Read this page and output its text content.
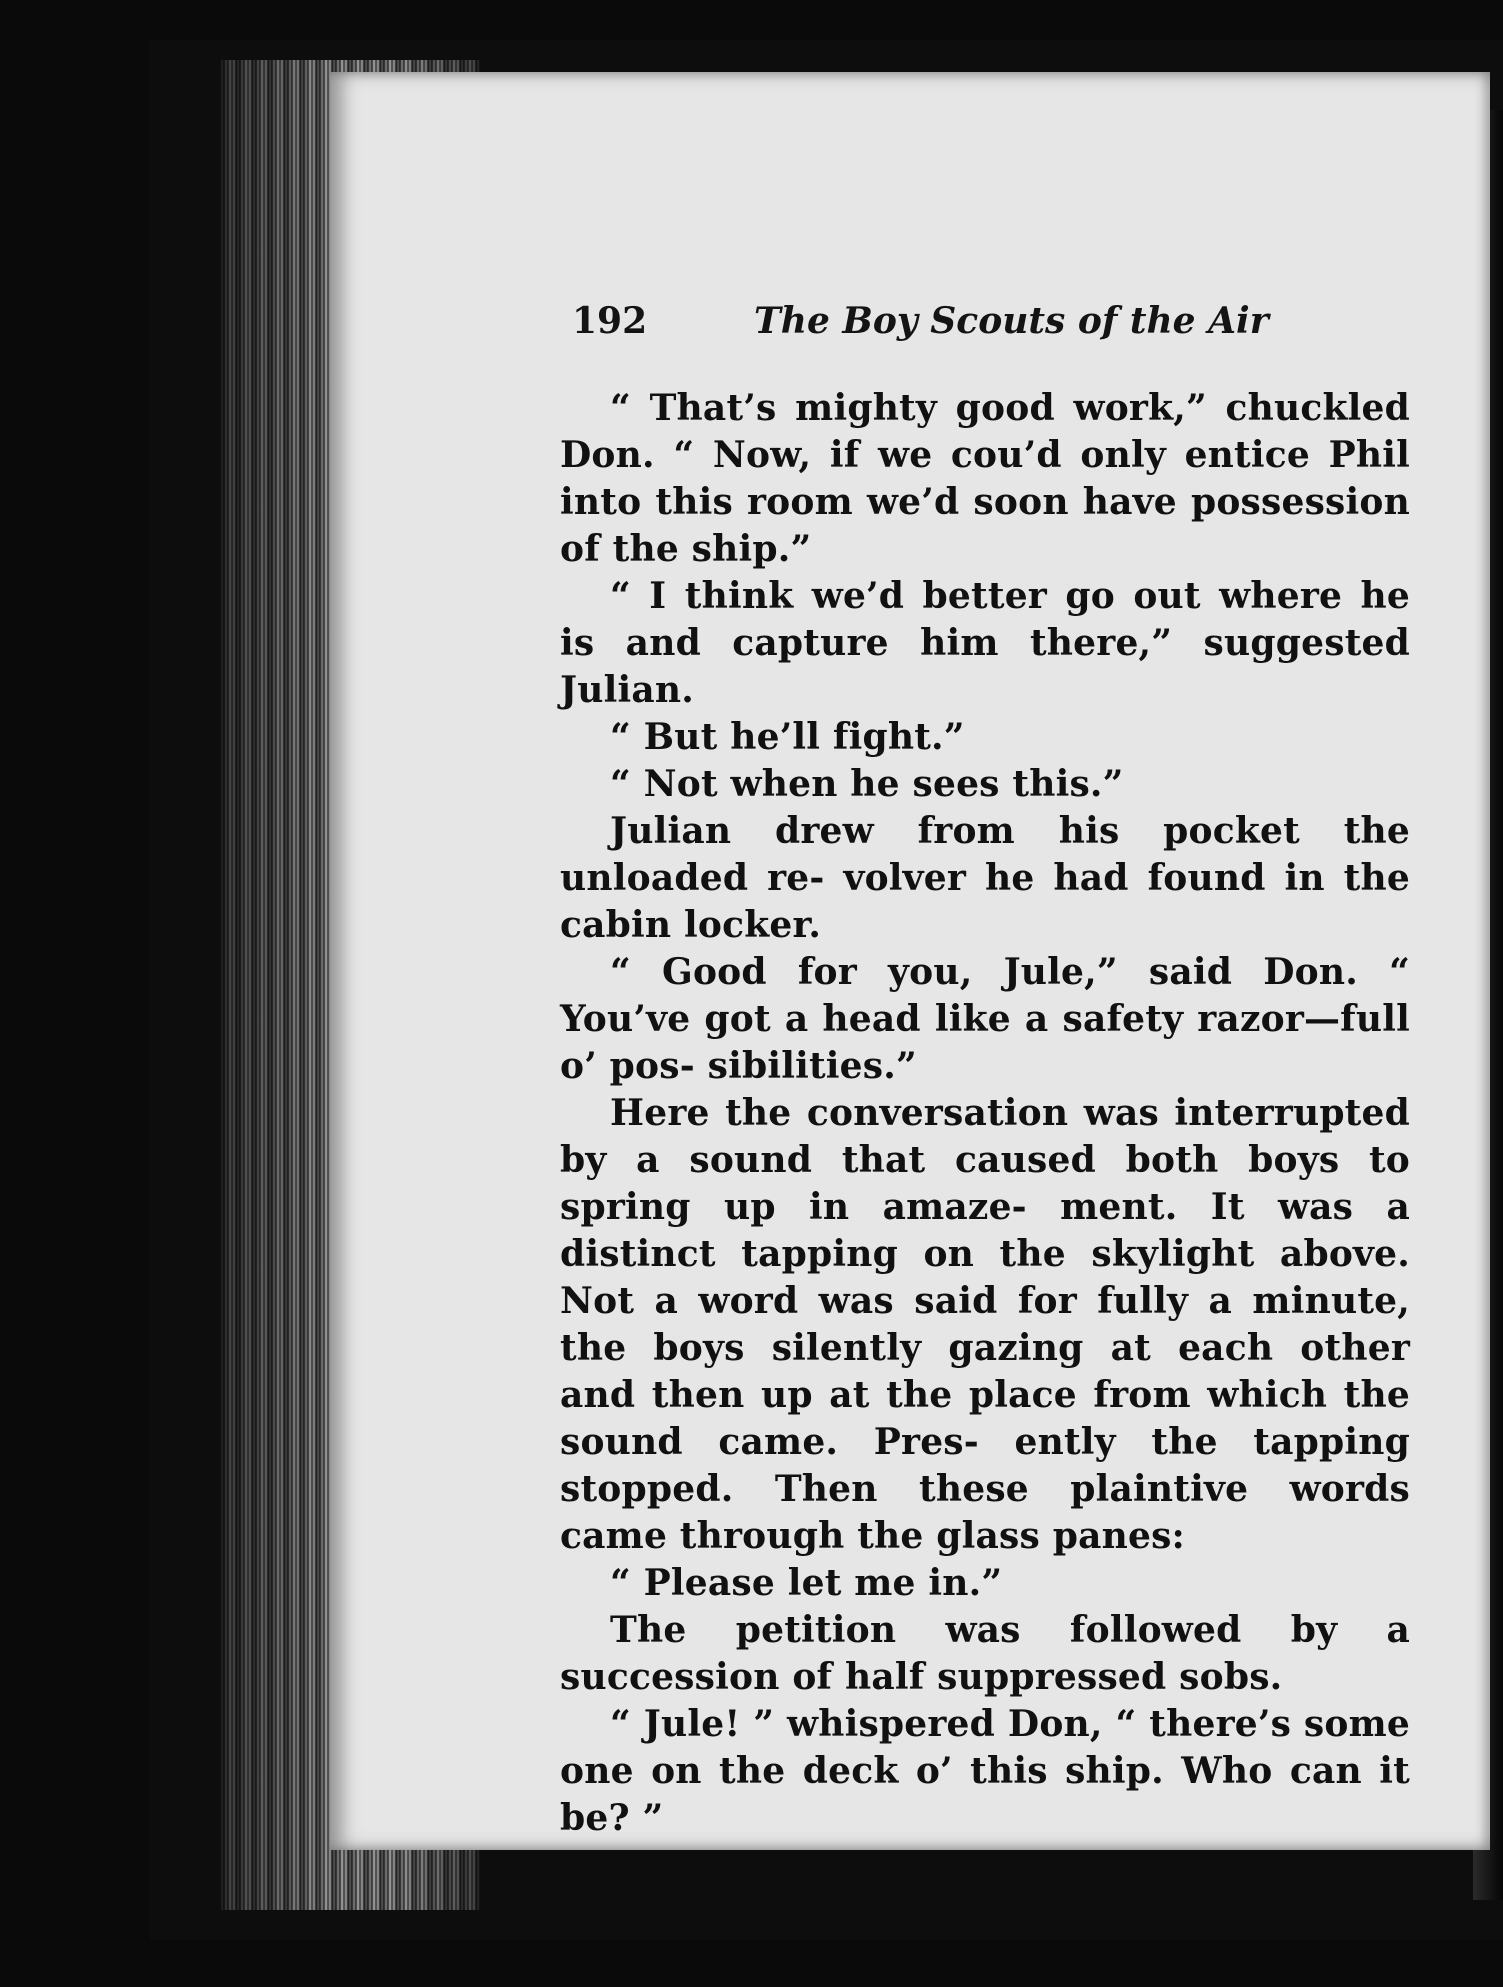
192	The Boy Scouts of the Air

“ That’s mighty good work,” chuckled Don. “ Now, if we cou’d only entice Phil into this room we’d soon have possession of the ship.”

“ I think we’d better go out where he is and capture him there,” suggested Julian.

“ But he’ll fight.”

“ Not when he sees this.”

Julian drew from his pocket the unloaded re- volver he had found in the cabin locker.

“ Good for you, Jule,” said Don. “ You’ve got a head like a safety razor—full o’ pos- sibilities.”

Here the conversation was interrupted by a sound that caused both boys to spring up in amaze- ment. It was a distinct tapping on the skylight above. Not a word was said for fully a minute, the boys silently gazing at each other and then up at the place from which the sound came. Pres- ently the tapping stopped. Then these plaintive words came through the glass panes:

“ Please let me in.”

The petition was followed by a succession of half suppressed sobs.

“ Jule! ” whispered Don, “ there’s some one on the deck o’ this ship. Who can it be? ”
